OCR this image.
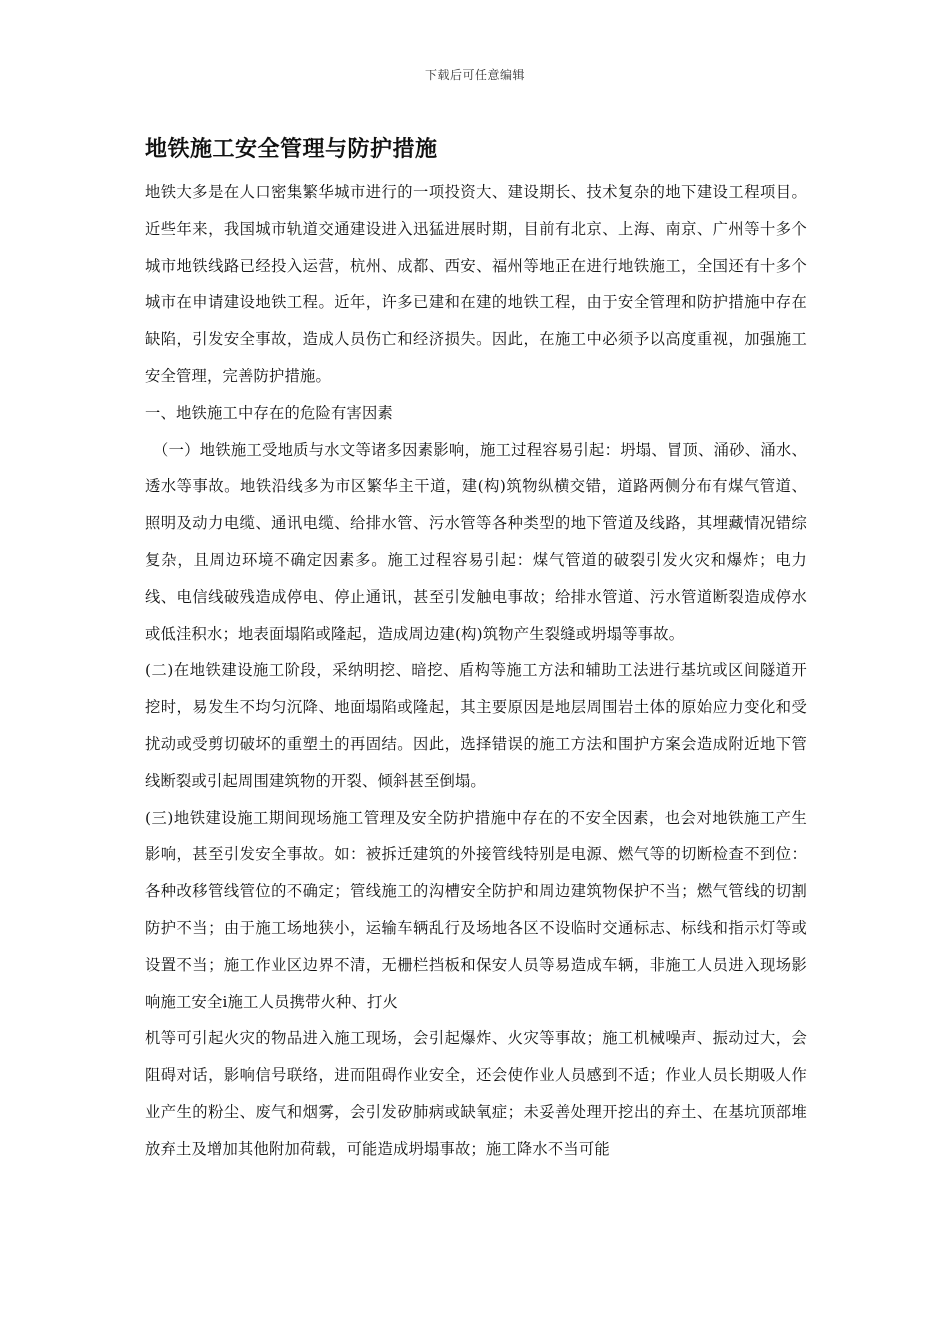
下载后可任意编辑
地铁施工安全管理与防护措施

地铁大多是在人口密集繁华城市进行的一项投资大、建设期长、技术复杂的地下建设工程项目。近些年来，我国城市轨道交通建设进入迅猛进展时期，目前有北京、上海、南京、广州等十多个城市地铁线路已经投入运营，杭州、成都、西安、福州等地正在进行地铁施工，全国还有十多个城市在申请建设地铁工程。近年，许多已建和在建的地铁工程，由于安全管理和防护措施中存在缺陷，引发安全事故，造成人员伤亡和经济损失。因此，在施工中必须予以高度重视，加强施工安全管理，完善防护措施。

一、地铁施工中存在的危险有害因素

（一）地铁施工受地质与水文等诸多因素影响，施工过程容易引起：坍塌、冒顶、涌砂、涌水、透水等事故。地铁沿线多为市区繁华主干道，建(构)筑物纵横交错，道路两侧分布有煤气管道、照明及动力电缆、通讯电缆、给排水管、污水管等各种类型的地下管道及线路，其埋藏情况错综复杂，且周边环境不确定因素多。施工过程容易引起：煤气管道的破裂引发火灾和爆炸；电力线、电信线破残造成停电、停止通讯，甚至引发触电事故；给排水管道、污水管道断裂造成停水或低洼积水；地表面塌陷或隆起，造成周边建(构)筑物产生裂缝或坍塌等事故。

(二)在地铁建设施工阶段，采纳明挖、暗挖、盾构等施工方法和辅助工法进行基坑或区间隧道开挖时，易发生不均匀沉降、地面塌陷或隆起，其主要原因是地层周围岩土体的原始应力变化和受扰动或受剪切破坏的重塑土的再固结。因此，选择错误的施工方法和围护方案会造成附近地下管线断裂或引起周围建筑物的开裂、倾斜甚至倒塌。

(三)地铁建设施工期间现场施工管理及安全防护措施中存在的不安全因素，也会对地铁施工产生影响，甚至引发安全事故。如：被拆迁建筑的外接管线特别是电源、燃气等的切断检查不到位：各种改移管线管位的不确定；管线施工的沟槽安全防护和周边建筑物保护不当；燃气管线的切割防护不当；由于施工场地狭小，运输车辆乱行及场地各区不设临时交通标志、标线和指示灯等或设置不当；施工作业区边界不清，无栅栏挡板和保安人员等易造成车辆，非施工人员进入现场影响施工安全i施工人员携带火种、打火

机等可引起火灾的物品进入施工现场，会引起爆炸、火灾等事故；施工机械噪声、振动过大，会阻碍对话，影响信号联络，进而阻碍作业安全，还会使作业人员感到不适；作业人员长期吸人作业产生的粉尘、废气和烟雾，会引发矽肺病或缺氧症；未妥善处理开挖出的弃土、在基坑顶部堆放弃土及增加其他附加荷载，可能造成坍塌事故；施工降水不当可能
